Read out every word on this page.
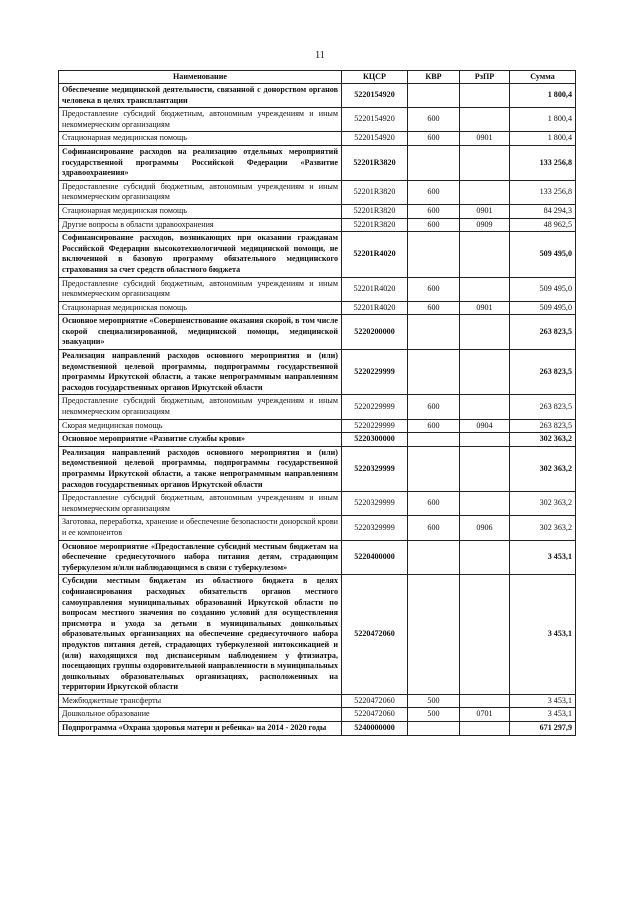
11
Наименование	КЦСР	КВР	РзПР	Сумма
Обеспечение медицинской деятельности, связанной с донорством органов человека в целях трансплантации	5220154920			1 800,4
Предоставление субсидий бюджетным, автономным учреждениям и иным некоммерческим организациям	5220154920	600		1 800,4
Стационарная медицинская помощь	5220154920	600	0901	1 800,4
Софинансирование расходов на реализацию отдельных мероприятий государственной программы Российской Федерации «Развитие здравоохранения»	52201R3820			133 256,8
Предоставление субсидий бюджетным, автономным учреждениям и иным некоммерческим организациям	52201R3820	600		133 256,8
Стационарная медицинская помощь	52201R3820	600	0901	84 294,3
Другие вопросы в области здравоохранения	52201R3820	600	0909	48 962,5
Софинансирование расходов, возникающих при оказании гражданам Российской Федерации высокотехнологичной медицинской помощи, не включенной в базовую программу обязательного медицинского страхования за счет средств областного бюджета	52201R4020			509 495,0
Предоставление субсидий бюджетным, автономным учреждениям и иным некоммерческим организациям	52201R4020	600		509 495,0
Стационарная медицинская помощь	52201R4020	600	0901	509 495,0
Основное мероприятие «Совершенствование оказания скорой, в том числе скорой специализированной, медицинской помощи, медицинской эвакуации»	5220200000			263 823,5
Реализация направлений расходов основного мероприятия и (или) ведомственной целевой программы, подпрограммы государственной программы Иркутской области, а также непрограммным направлениям расходов государственных органов Иркутской области	5220229999			263 823,5
Предоставление субсидий бюджетным, автономным учреждениям и иным некоммерческим организациям	5220229999	600		263 823,5
Скорая медицинская помощь	5220229999	600	0904	263 823,5
Основное мероприятие «Развитие службы крови»	5220300000			302 363,2
Реализация направлений расходов основного мероприятия и (или) ведомственной целевой программы, подпрограммы государственной программы Иркутской области, а также непрограммным направлениям расходов государственных органов Иркутской области	5220329999			302 363,2
Предоставление субсидий бюджетным, автономным учреждениям и иным некоммерческим организациям	5220329999	600		302 363,2
Заготовка, переработка, хранение и обеспечение безопасности донорской крови и ее компонентов	5220329999	600	0906	302 363,2
Основное мероприятие «Предоставление субсидий местным бюджетам на обеспечение среднесуточного набора питания детям, страдающим туберкулезом и/или наблюдающимся в связи с туберкулезом»	5220400000			3 453,1
Субсидии местным бюджетам из областного бюджета в целях софинансирования расходных обязательств органов местного самоуправления муниципальных образований Иркутской области по вопросам местного значения по созданию условий для осуществления присмотра и ухода за детьми в муниципальных дошкольных образовательных организациях на обеспечение среднесуточного набора продуктов питания детей, страдающих туберкулезной интоксикацией и (или) находящихся под диспансерным наблюдением у фтизиатра, посещающих группы оздоровительной направленности в муниципальных дошкольных образовательных организациях, расположенных на территории Иркутской области	5220472060			3 453,1
Межбюджетные трансферты	5220472060	500		3 453,1
Дошкольное образование	5220472060	500	0701	3 453,1
Подпрограмма «Охрана здоровья матери и ребенка» на 2014 - 2020 годы	5240000000			671 297,9
